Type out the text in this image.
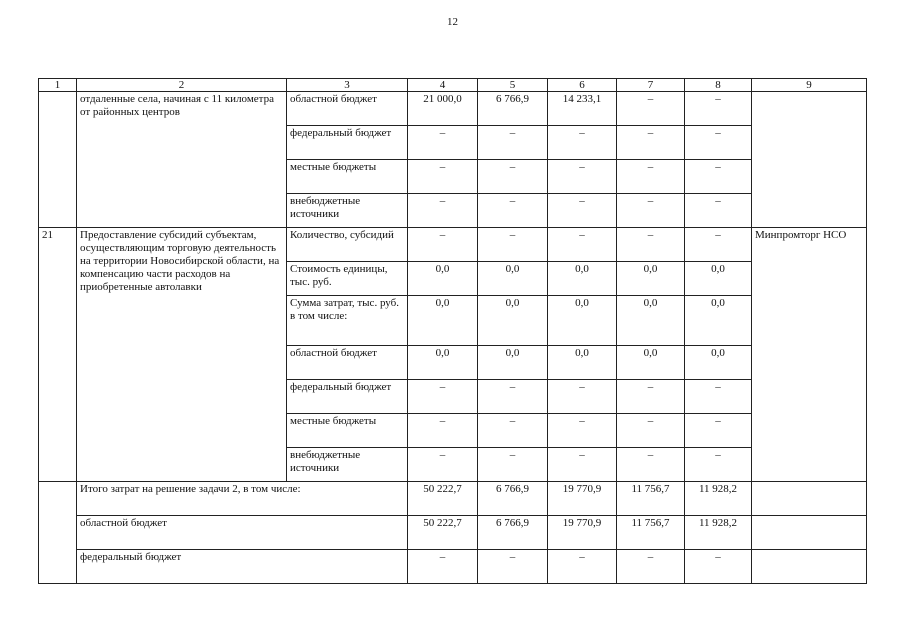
12
1	2	3	4	5	6	7	8	9
	отдаленные села, начиная с 11 километра от районных центров	областной бюджет	21 000,0	6 766,9	14 233,1	–	–	
		федеральный бюджет	–	–	–	–	–	
		местные бюджеты	–	–	–	–	–	
		внебюджетные источники	–	–	–	–	–	
21	Предоставление субсидий субъектам, осуществляющим торговую деятельность на территории Новосибирской области, на компенсацию части расходов на приобретенные автолавки	Количество, субсидий	–	–	–	–	–	Минпромторг НСО
		Стоимость единицы, тыс. руб.	0,0	0,0	0,0	0,0	0,0	
		Сумма затрат, тыс. руб. в том числе:	0,0	0,0	0,0	0,0	0,0	
		областной бюджет	0,0	0,0	0,0	0,0	0,0	
		федеральный бюджет	–	–	–	–	–	
		местные бюджеты	–	–	–	–	–	
		внебюджетные источники	–	–	–	–	–	
	Итого затрат на решение задачи 2, в том числе:		50 222,7	6 766,9	19 770,9	11 756,7	11 928,2	
	областной бюджет		50 222,7	6 766,9	19 770,9	11 756,7	11 928,2	
	федеральный бюджет		–	–	–	–	–	
